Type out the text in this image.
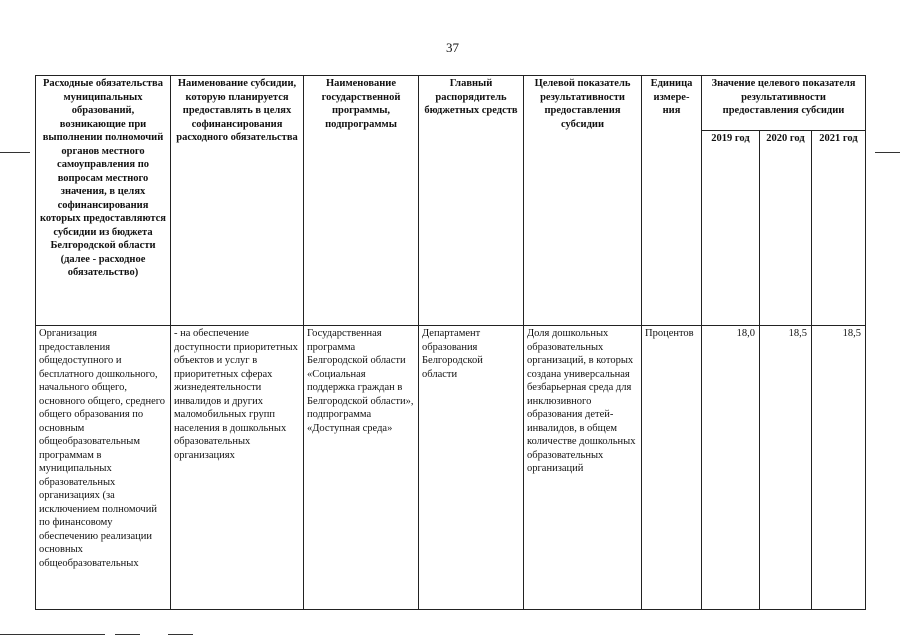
37
Расходные обязательства муниципальных образований, возникающие при выполнении полномочий органов местного самоуправления по вопросам местного значения, в целях софинансирования которых предоставляются субсидии из бюджета Белгородской области (далее - расходное обязательство)	Наименование субсидии, которую планируется предоставлять в целях софинансирования расходного обязательства	Наименование государственной программы, подпрограммы	Главный распорядитель бюджетных средств	Целевой показатель результативности предоставления субсидии	Единица измере-ния	Значение целевого показателя результативности предоставления субсидии		
						2019 год	2020 год	2021 год
Организация предоставления общедоступного и бесплатного дошкольного, начального общего, основного общего, среднего общего образования по основным общеобразовательным программам в муниципальных образовательных организациях (за исключением полномочий по финансовому обеспечению реализации основных общеобразовательных	- на обеспечение доступности приоритетных объектов и услуг в приоритетных сферах жизнедеятельности инвалидов и других маломобильных групп населения в дошкольных образовательных организациях	Государственная программа Белгородской области «Социальная поддержка граждан в Белгородской области», подпрограмма «Доступная среда»	Департамент образования Белгородской области	Доля дошкольных образовательных организаций, в которых создана универсальная безбарьерная среда для инклюзивного образования детей-инвалидов, в общем количестве дошкольных образовательных организаций	Процентов	18,0	18,5	18,5
